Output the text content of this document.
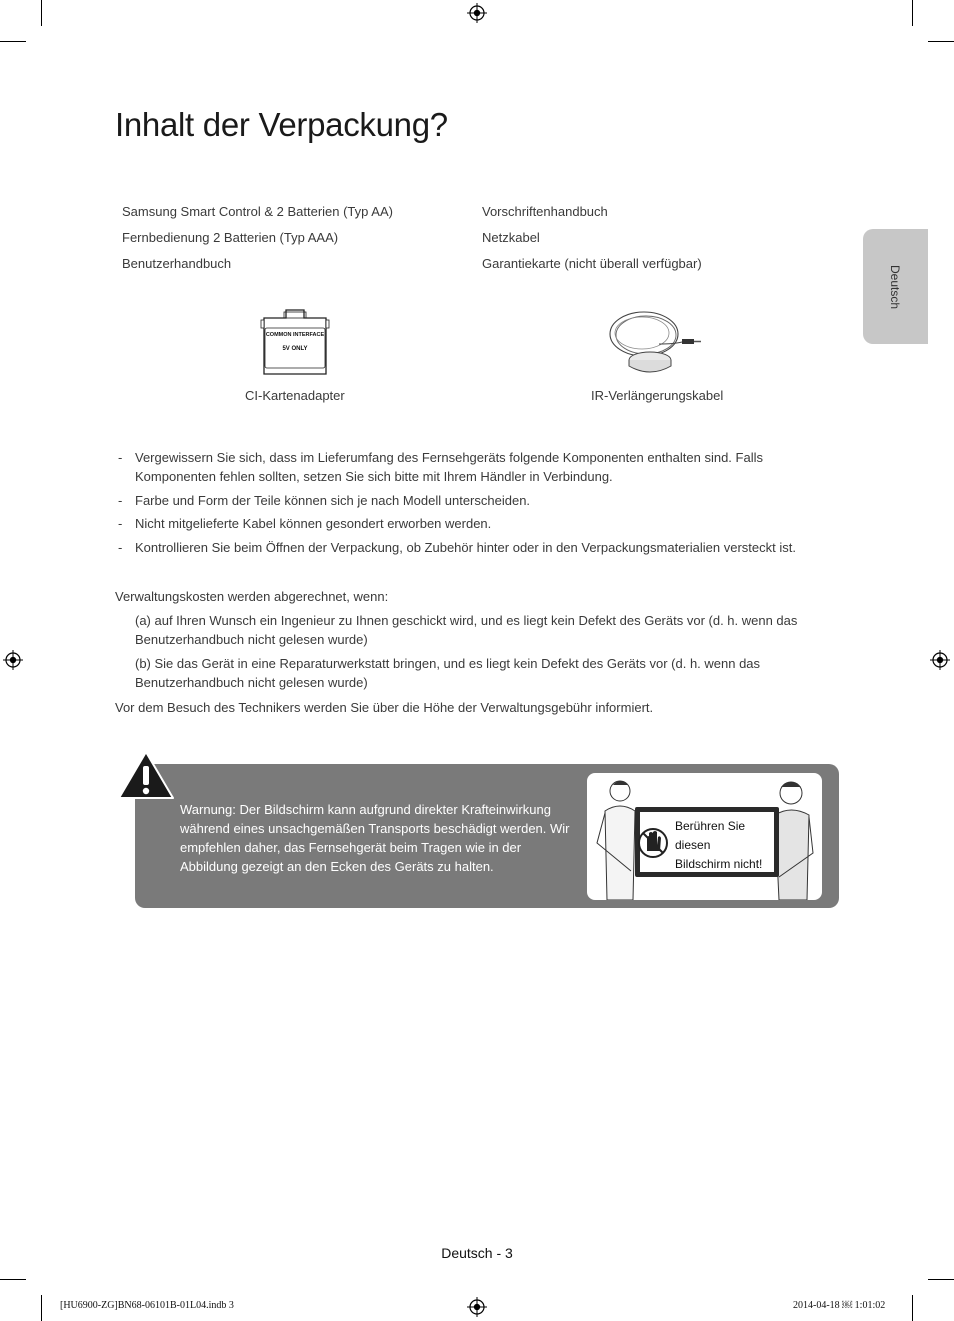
Inhalt der Verpackung?
Deutsch
Samsung Smart Control & 2 Batterien (Typ AA)
Fernbedienung 2 Batterien (Typ AAA)
Benutzerhandbuch
Vorschriftenhandbuch
Netzkabel
Garantiekarte (nicht überall verfügbar)
COMMON INTERFACE
5V ONLY
CI-Kartenadapter	IR-Verlängerungskabel
- Vergewissern Sie sich, dass im Lieferumfang des Fernsehgeräts folgende Komponenten enthalten sind. Falls Komponenten fehlen sollten, setzen Sie sich bitte mit Ihrem Händler in Verbindung.
- Farbe und Form der Teile können sich je nach Modell unterscheiden.
- Nicht mitgelieferte Kabel können gesondert erworben werden.
- Kontrollieren Sie beim Öffnen der Verpackung, ob Zubehör hinter oder in den Verpackungsmaterialien versteckt ist.
Verwaltungskosten werden abgerechnet, wenn:
(a) auf Ihren Wunsch ein Ingenieur zu Ihnen geschickt wird, und es liegt kein Defekt des Geräts vor (d. h. wenn das Benutzerhandbuch nicht gelesen wurde)
(b) Sie das Gerät in eine Reparaturwerkstatt bringen, und es liegt kein Defekt des Geräts vor (d. h. wenn das Benutzerhandbuch nicht gelesen wurde)
Vor dem Besuch des Technikers werden Sie über die Höhe der Verwaltungsgebühr informiert.
Warnung: Der Bildschirm kann aufgrund direkter Krafteinwirkung während eines unsachgemäßen Transports beschädigt werden. Wir empfehlen daher, das Fernsehgerät beim Tragen wie in der Abbildung gezeigt an den Ecken des Geräts zu halten.
Berühren Sie
diesen
Bildschirm nicht!
Deutsch - 3
[HU6900-ZG]BN68-06101B-01L04.indb 3	2014-04-18 ￼ 1:01:02
